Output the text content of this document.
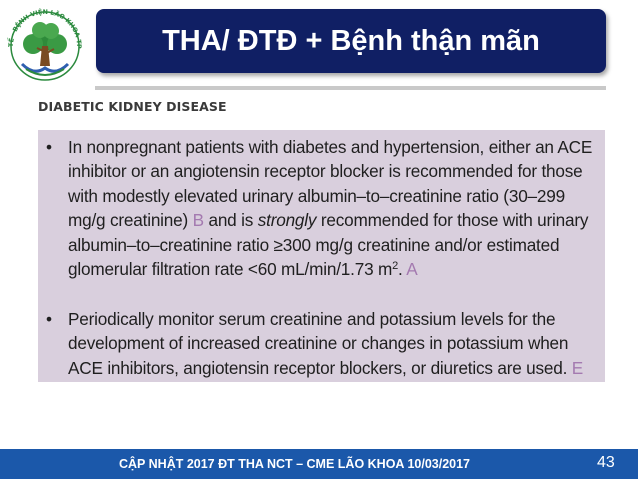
TẾ · BỆNH VIỆN LÃO KHOA TP	THA/ ĐTĐ + Bệnh thận mãn
DIABETIC KIDNEY DISEASE
• In nonpregnant patients with diabetes and hypertension, either an ACE inhibitor or an angiotensin receptor blocker is recommended for those with modestly elevated urinary albumin–to–creatinine ratio (30–299 mg/g creatinine) B and is strongly recommended for those with urinary albumin–to–creatinine ratio ≥300 mg/g creatinine and/or estimated glomerular filtration rate <60 mL/min/1.73 $m^2$. A
• Periodically monitor serum creatinine and potassium levels for the development of increased creatinine or changes in potassium when ACE inhibitors, angiotensin receptor blockers, or diuretics are used. E
CẬP NHẬT 2017 ĐT THA NCT – CME LÃO KHOA 10/03/2017	43
